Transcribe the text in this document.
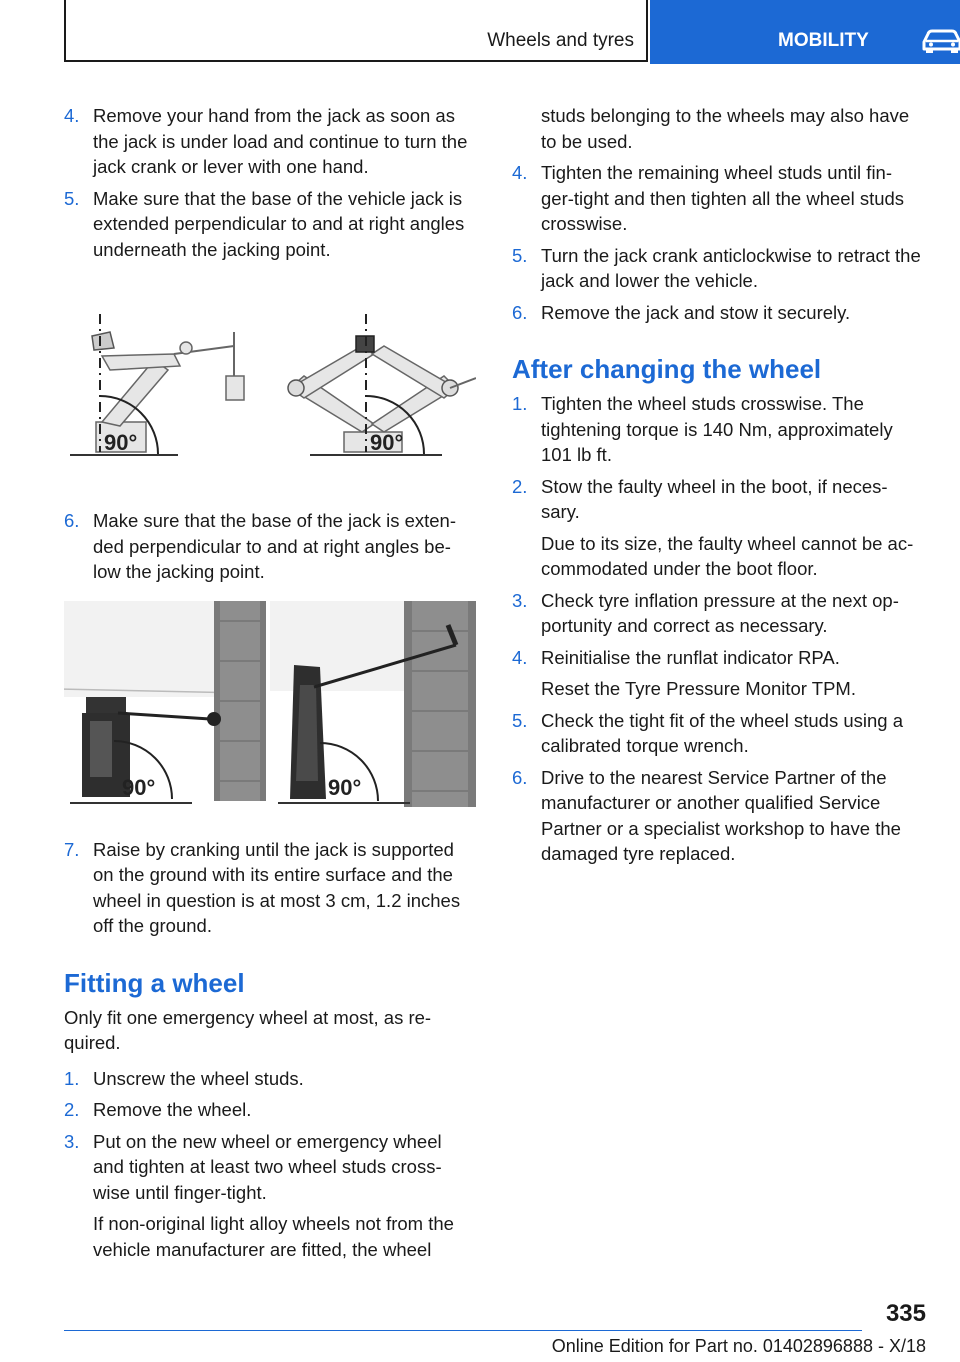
Wheels and tyres	MOBILITY
4. Remove your hand from the jack as soon as the jack is under load and continue to turn the jack crank or lever with one hand.

5. Make sure that the base of the vehicle jack is extended perpendicular to and at right angles underneath the jacking point.

90°	90°
6. Make sure that the base of the jack is exten‐ ded perpendicular to and at right angles be‐ low the jacking point.

90°	90°
7. Raise by cranking until the jack is supported on the ground with its entire surface and the wheel in question is at most 3 cm, 1.2 inches off the ground.

Fitting a wheel

Only fit one emergency wheel at most, as re‐ quired.

1. Unscrew the wheel studs.

2. Remove the wheel.

3. Put on the new wheel or emergency wheel and tighten at least two wheel studs cross‐ wise until finger-tight.

If non-original light alloy wheels not from the vehicle manufacturer are fitted, the wheel

studs belonging to the wheels may also have to be used.

4. Tighten the remaining wheel studs until fin‐ ger-tight and then tighten all the wheel studs crosswise.

5. Turn the jack crank anticlockwise to retract the jack and lower the vehicle.

6. Remove the jack and stow it securely.

After changing the wheel
1. Tighten the wheel studs crosswise. The tightening torque is 140 Nm, approximately 101 lb ft.

2. Stow the faulty wheel in the boot, if neces‐ sary.

Due to its size, the faulty wheel cannot be ac‐ commodated under the boot floor.

3. Check tyre inflation pressure at the next op‐ portunity and correct as necessary.

4. Reinitialise the runflat indicator RPA.

Reset the Tyre Pressure Monitor TPM.

5. Check the tight fit of the wheel studs using a calibrated torque wrench.

6. Drive to the nearest Service Partner of the manufacturer or another qualified Service Partner or a specialist workshop to have the damaged tyre replaced.

335
Online Edition for Part no. 01402896888 - X/18
